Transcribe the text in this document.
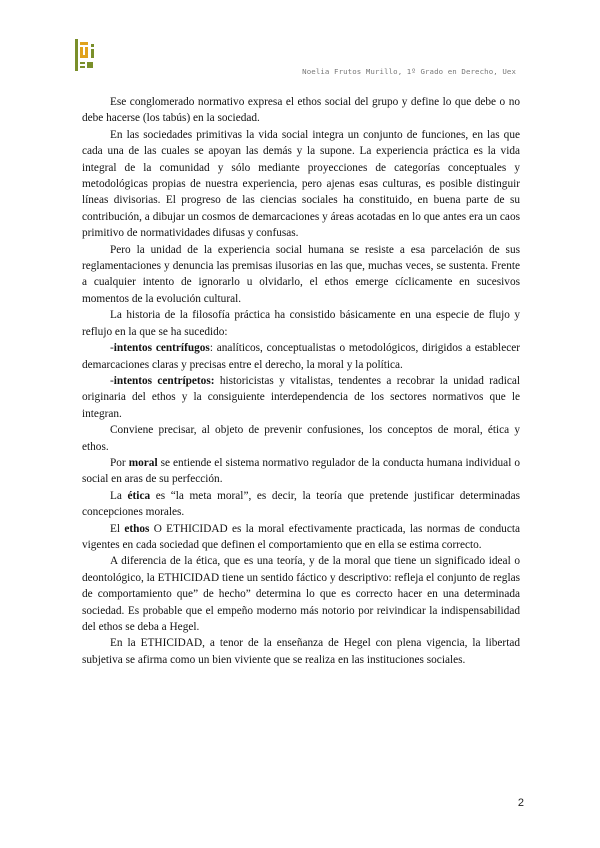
Noelia Frutos Murillo, 1º Grado en Derecho, Uex

Ese conglomerado normativo expresa el ethos social del grupo y define lo que debe o no debe hacerse (los tabús) en la sociedad.

En las sociedades primitivas la vida social integra un conjunto de funciones, en las que cada una de las cuales se apoyan las demás y la supone. La experiencia práctica es la vida integral de la comunidad y sólo mediante proyecciones de categorías conceptuales y metodológicas propias de nuestra experiencia, pero ajenas esas culturas, es posible distinguir líneas divisorias. El progreso de las ciencias sociales ha constituido, en buena parte de su contribución, a dibujar un cosmos de demarcaciones y áreas acotadas en lo que antes era un caos primitivo de normatividades difusas y confusas.

Pero la unidad de la experiencia social humana se resiste a esa parcelación de sus reglamentaciones y denuncia las premisas ilusorias en las que, muchas veces, se sustenta. Frente a cualquier intento de ignorarlo u olvidarlo, el ethos emerge cíclicamente en sucesivos momentos de la evolución cultural.

La historia de la filosofía práctica ha consistido básicamente en una especie de flujo y reflujo en la que se ha sucedido:

-intentos centrífugos: analíticos, conceptualistas o metodológicos, dirigidos a establecer demarcaciones claras y precisas entre el derecho, la moral y la política.

-intentos centrípetos: historicistas y vitalistas, tendentes a recobrar la unidad radical originaria del ethos y la consiguiente interdependencia de los sectores normativos que le integran.

Conviene precisar, al objeto de prevenir confusiones, los conceptos de moral, ética y ethos.

Por moral se entiende el sistema normativo regulador de la conducta humana individual o social en aras de su perfección.

La ética es “la meta moral”, es decir, la teoría que pretende justificar determinadas concepciones morales.

El ethos O ETHICIDAD es la moral efectivamente practicada, las normas de conducta vigentes en cada sociedad que definen el comportamiento que en ella se estima correcto.

A diferencia de la ética, que es una teoría, y de la moral que tiene un significado ideal o deontológico, la ETHICIDAD tiene un sentido fáctico y descriptivo: refleja el conjunto de reglas de comportamiento que” de hecho” determina lo que es correcto hacer en una determinada sociedad. Es probable que el empeño moderno más notorio por reivindicar la indispensabilidad del ethos se deba a Hegel.

En la ETHICIDAD, a tenor de la enseñanza de Hegel con plena vigencia, la libertad subjetiva se afirma como un bien viviente que se realiza en las instituciones sociales.

2
